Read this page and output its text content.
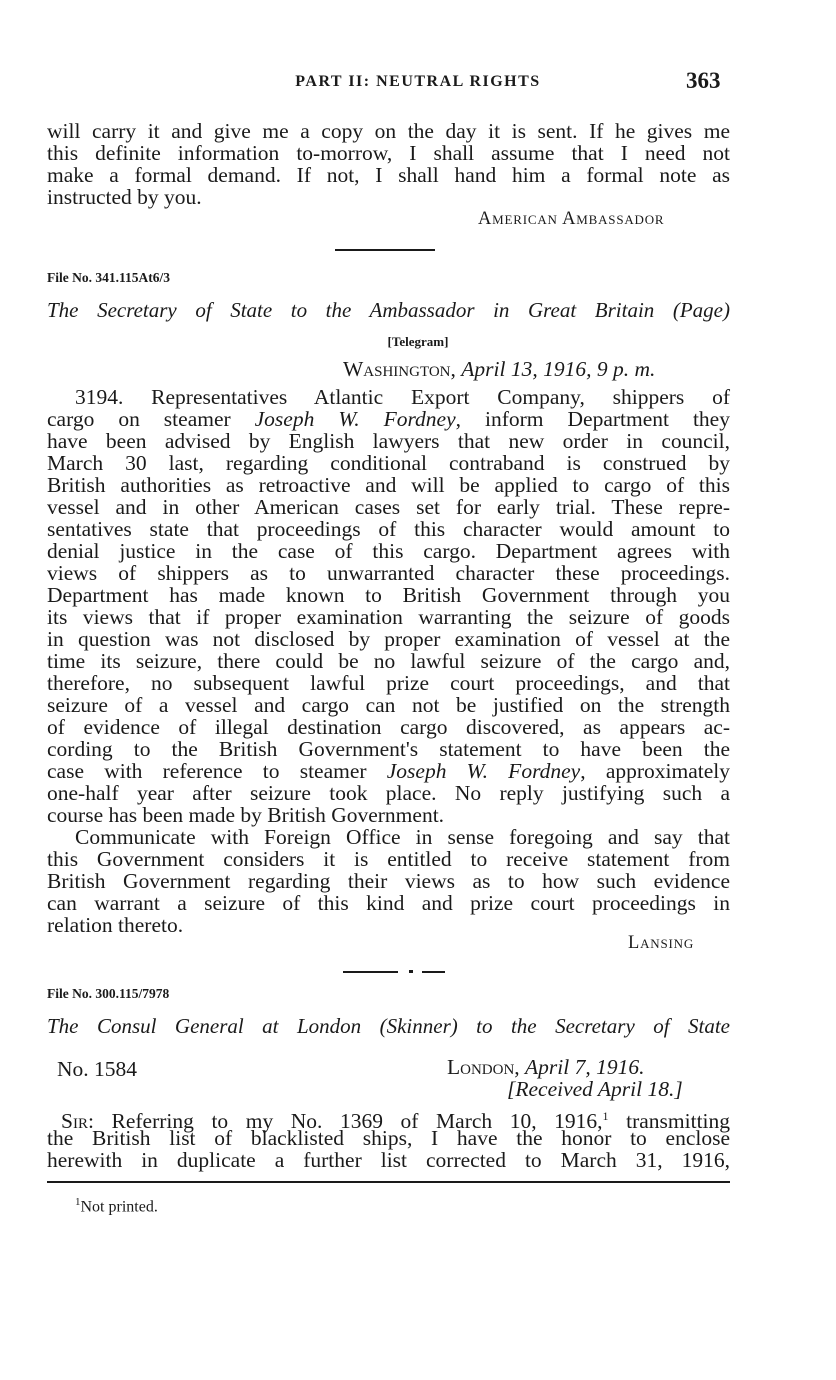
PART II: NEUTRAL RIGHTS	363
will carry it and give me a copy on the day it is sent. If he gives me
this definite information to-morrow, I shall assume that I need not
make a formal demand. If not, I shall hand him a formal note as
instructed by you.
American Ambassador
File No. 341.115At6/3
The Secretary of State to the Ambassador in Great Britain (Page)
[Telegram]
Washington, April 13, 1916, 9 p. m.
3194. Representatives Atlantic Export Company, shippers of
cargo on steamer Joseph W. Fordney, inform Department they
have been advised by English lawyers that new order in council,
March 30 last, regarding conditional contraband is construed by
British authorities as retroactive and will be applied to cargo of this
vessel and in other American cases set for early trial. These repre-
sentatives state that proceedings of this character would amount to
denial justice in the case of this cargo. Department agrees with
views of shippers as to unwarranted character these proceedings.
Department has made known to British Government through you
its views that if proper examination warranting the seizure of goods
in question was not disclosed by proper examination of vessel at the
time its seizure, there could be no lawful seizure of the cargo and,
therefore, no subsequent lawful prize court proceedings, and that
seizure of a vessel and cargo can not be justified on the strength
of evidence of illegal destination cargo discovered, as appears ac-
cording to the British Government's statement to have been the
case with reference to steamer Joseph W. Fordney, approximately
one-half year after seizure took place. No reply justifying such a
course has been made by British Government.
Communicate with Foreign Office in sense foregoing and say that
this Government considers it is entitled to receive statement from
British Government regarding their views as to how such evidence
can warrant a seizure of this kind and prize court proceedings in
relation thereto.
Lansing
File No. 300.115/7978
The Consul General at London (Skinner) to the Secretary of State
No. 1584	London, April 7, 1916.
[Received April 18.]
Sir: Referring to my No. 1369 of March 10, 1916,$^1$ transmitting
the British list of blacklisted ships, I have the honor to enclose
herewith in duplicate a further list corrected to March 31, 1916,
$^1$Not printed.
